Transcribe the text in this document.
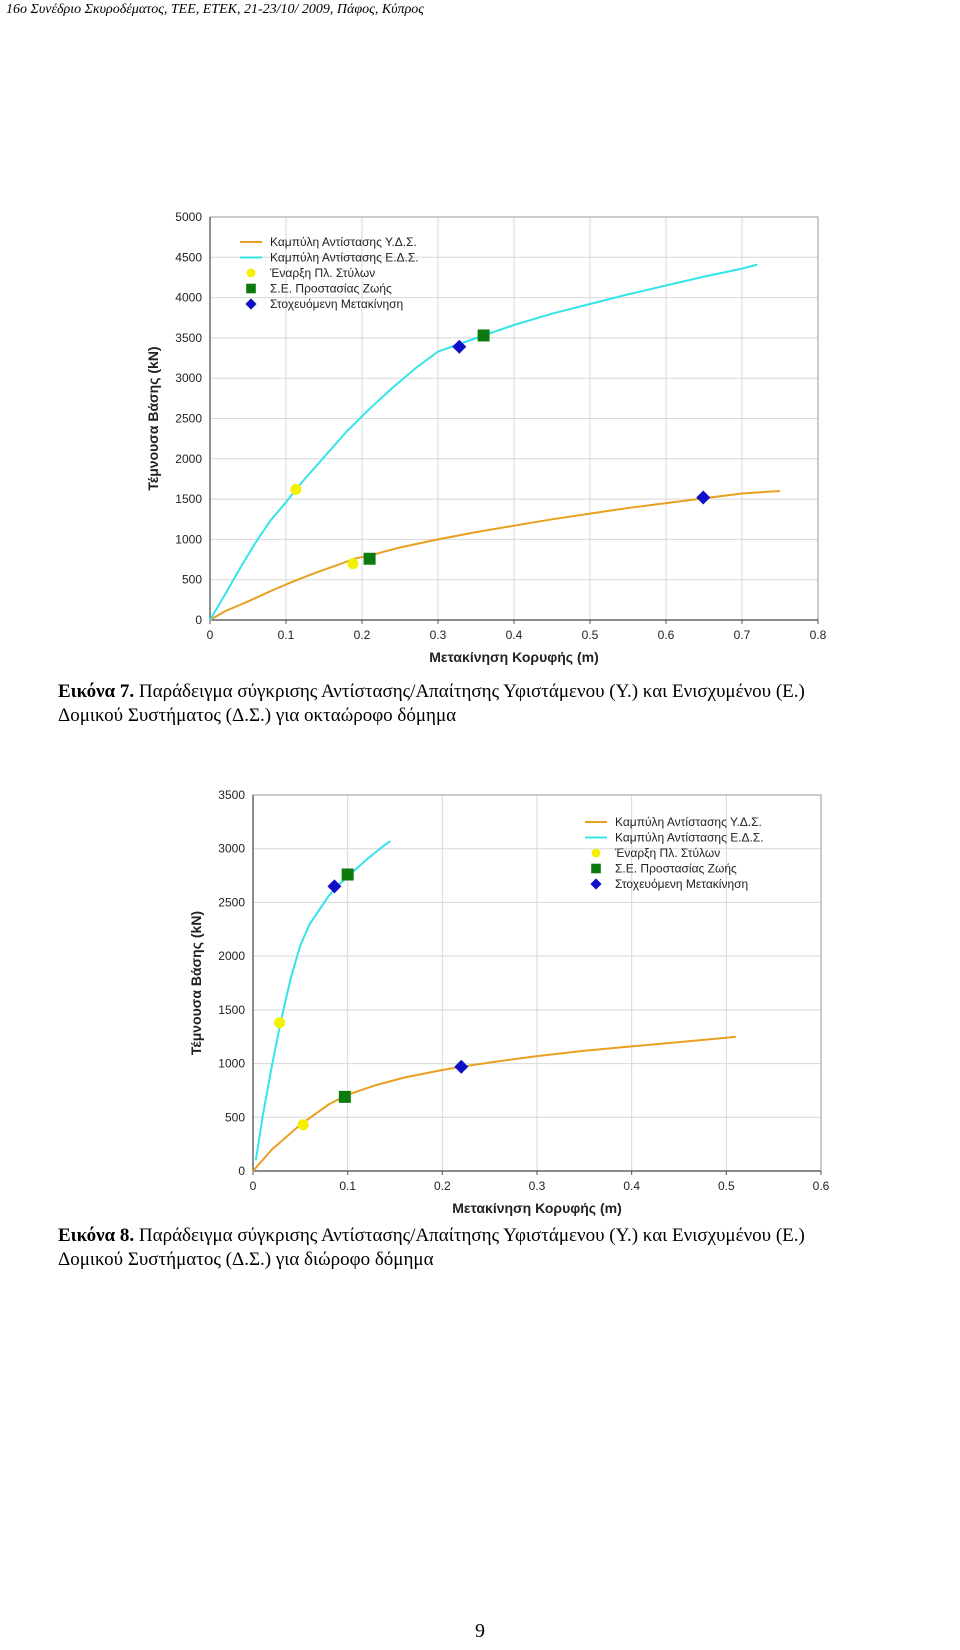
16ο Συνέδριο Σκυροδέματος, ΤΕΕ, ΕΤΕΚ, 21-23/10/ 2009, Πάφος, Κύπρος
0
500
1000
1500
2000
2500
3000
3500
4000
4500
5000
0	0.1	0.2	0.3	0.4	0.5	0.6	0.7	0.8
Μετακίνηση Κορυφής (m)
Τέμνουσα Βάσης (kN)
Καμπύλη Αντίστασης Υ.Δ.Σ.
Καμπύλη Αντίστασης Ε.Δ.Σ.
Έναρξη Πλ. Στύλων
Σ.Ε. Προστασίας Ζωής
Στοχευόμενη Μετακίνηση
Εικόνα 7. Παράδειγμα σύγκρισης Αντίστασης/Απαίτησης Υφιστάμενου (Υ.) και Ενισχυμένου (Ε.)
Δομικού Συστήματος (Δ.Σ.) για οκταώροφο δόμημα
0
500
1000
1500
2000
2500
3000
3500
0	0.1	0.2	0.3	0.4	0.5	0.6
Μετακίνηση Κορυφής (m)
Τέμνουσα Βάσης (kN)
Καμπύλη Αντίστασης Υ.Δ.Σ.
Καμπύλη Αντίστασης Ε.Δ.Σ.
Έναρξη Πλ. Στύλων
Σ.Ε. Προστασίας Ζωής
Στοχευόμενη Μετακίνηση
Εικόνα 8. Παράδειγμα σύγκρισης Αντίστασης/Απαίτησης Υφιστάμενου (Υ.) και Ενισχυμένου (Ε.)
Δομικού Συστήματος (Δ.Σ.) για διώροφο δόμημα
9
